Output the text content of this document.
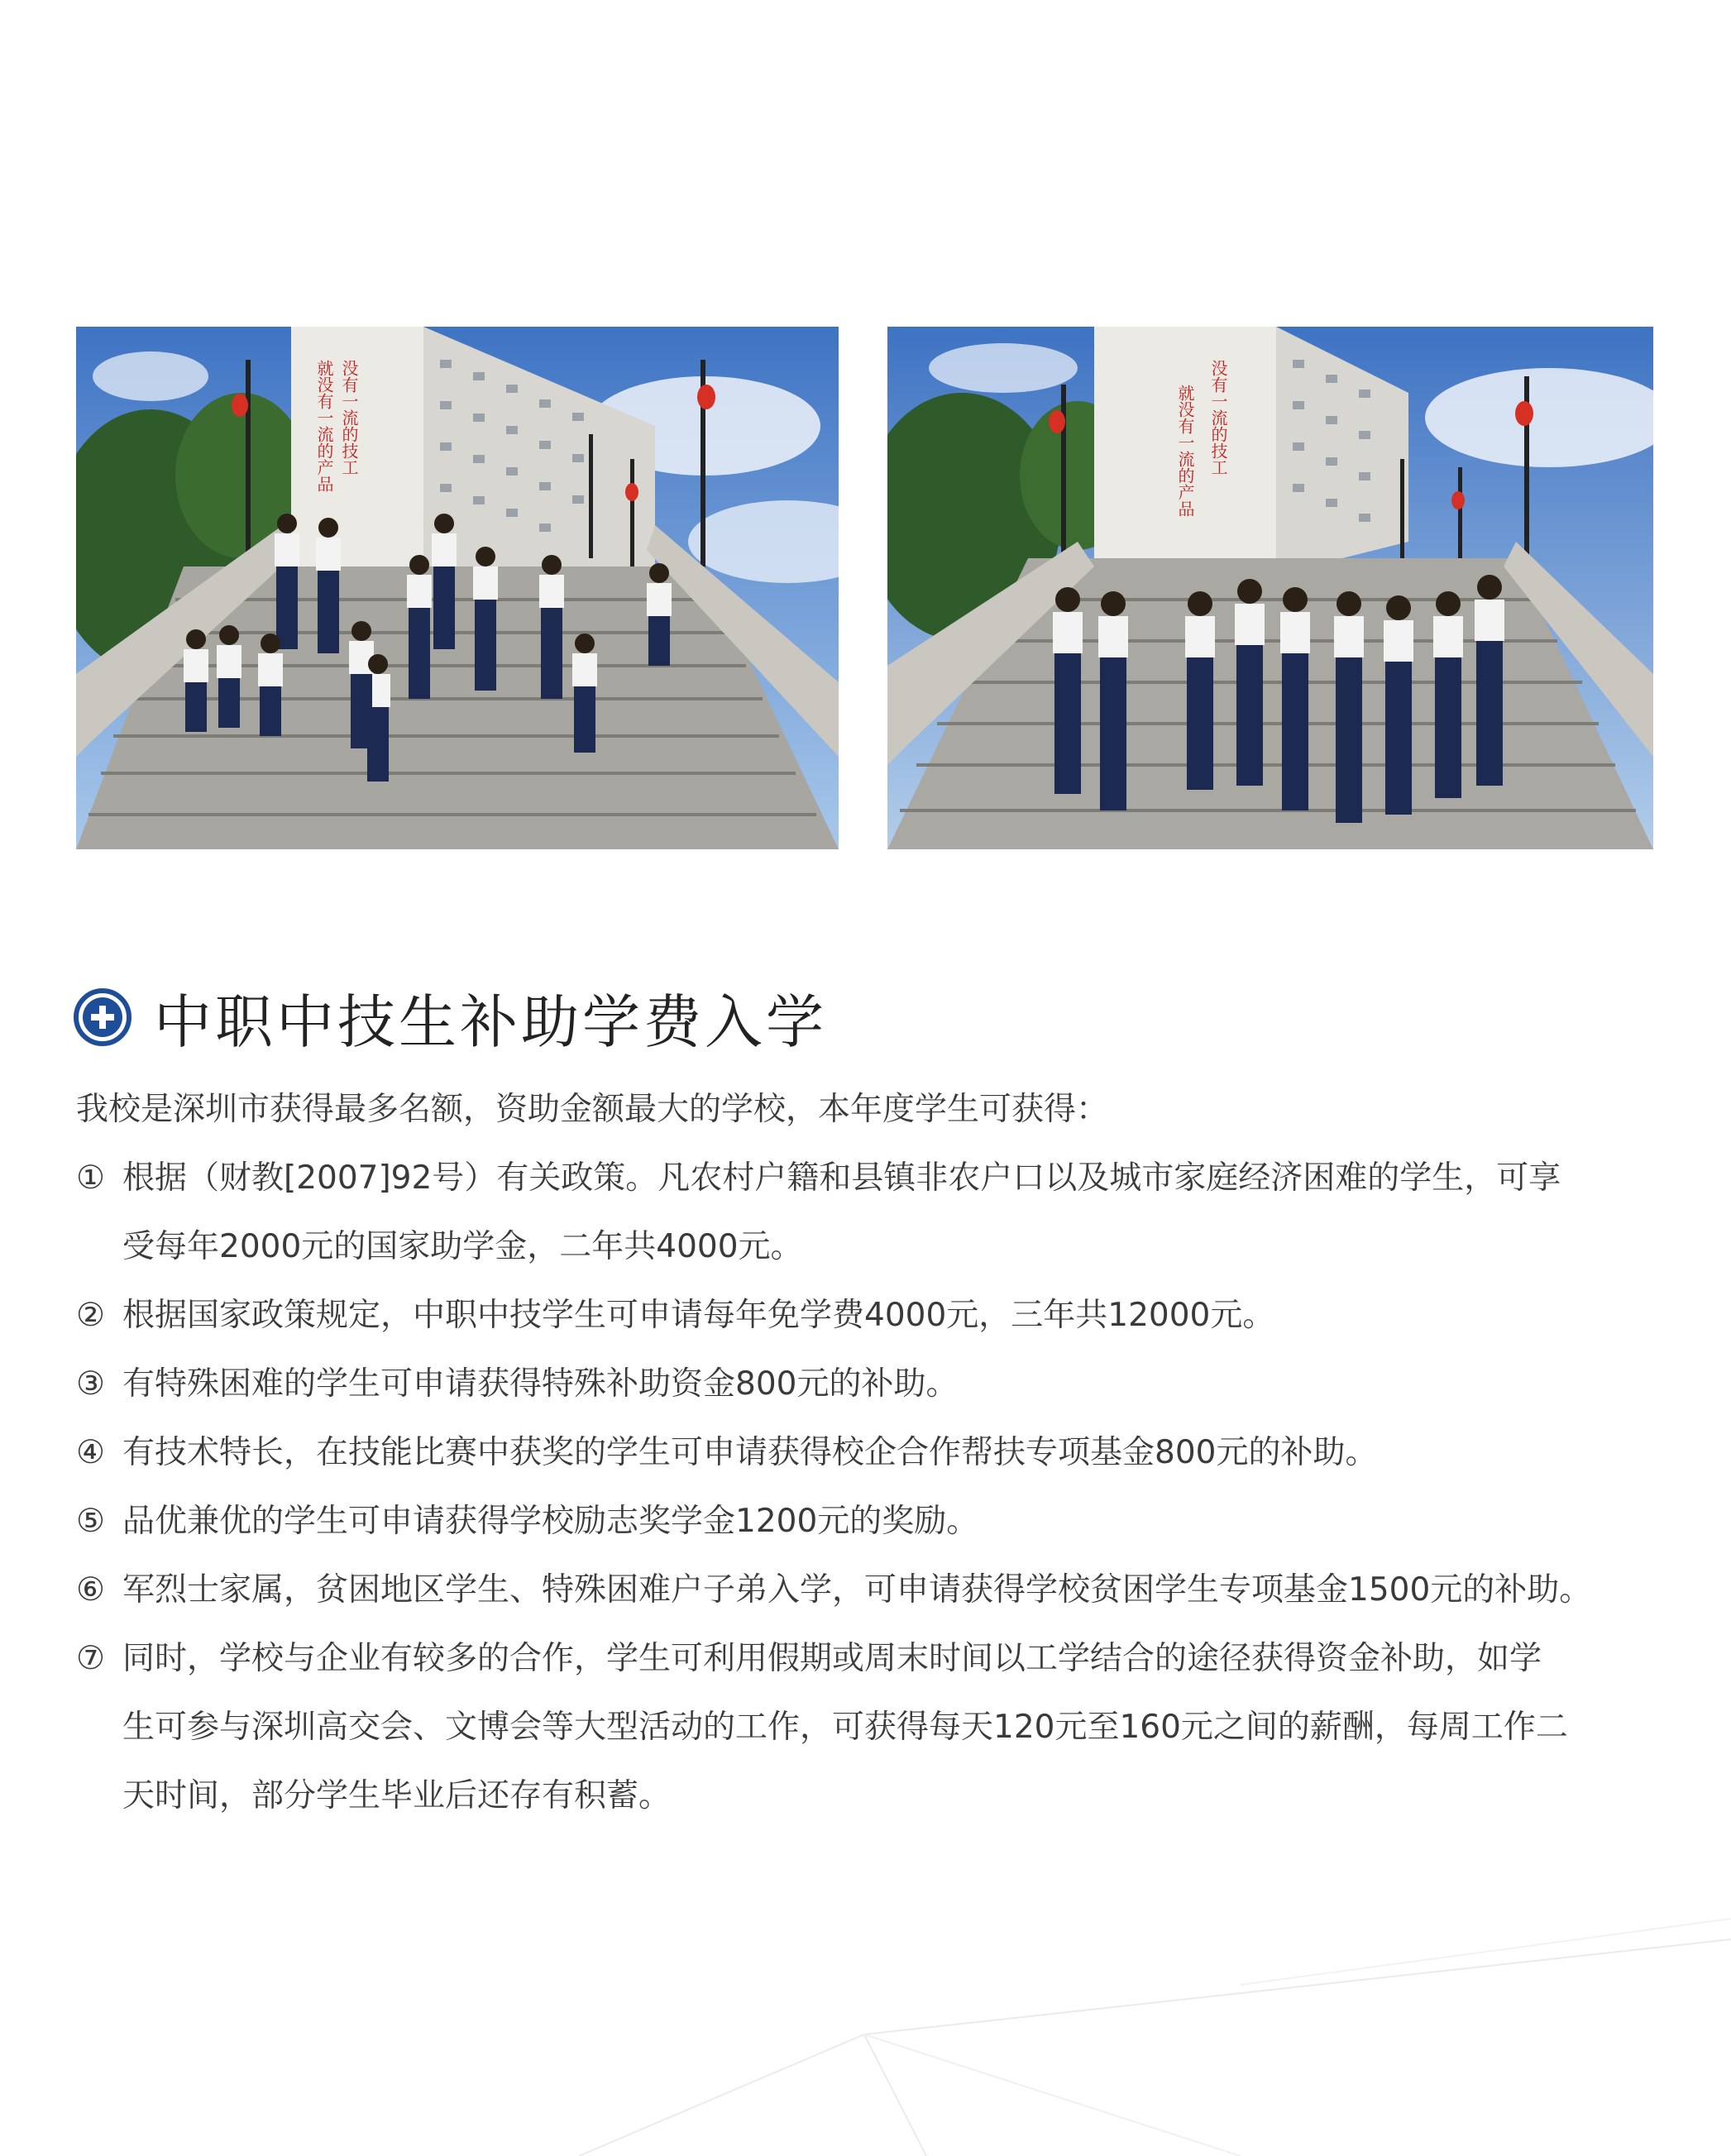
没有一流的技工
就没有一流的产品	没有一流的技工
就没有一流的产品
中职中技生补助学费入学
我校是深圳市获得最多名额，资助金额最大的学校，本年度学生可获得：
① 根据（财教[2007]92号）有关政策。凡农村户籍和县镇非农户口以及城市家庭经济困难的学生，可享
受每年2000元的国家助学金，二年共4000元。
② 根据国家政策规定，中职中技学生可申请每年免学费4000元，三年共12000元。
③ 有特殊困难的学生可申请获得特殊补助资金800元的补助。
④ 有技术特长，在技能比赛中获奖的学生可申请获得校企合作帮扶专项基金800元的补助。
⑤ 品优兼优的学生可申请获得学校励志奖学金1200元的奖励。
⑥ 军烈士家属，贫困地区学生、特殊困难户子弟入学，可申请获得学校贫困学生专项基金1500元的补助。
⑦ 同时，学校与企业有较多的合作，学生可利用假期或周末时间以工学结合的途径获得资金补助，如学
生可参与深圳高交会、文博会等大型活动的工作，可获得每天120元至160元之间的薪酬，每周工作二
天时间，部分学生毕业后还存有积蓄。
